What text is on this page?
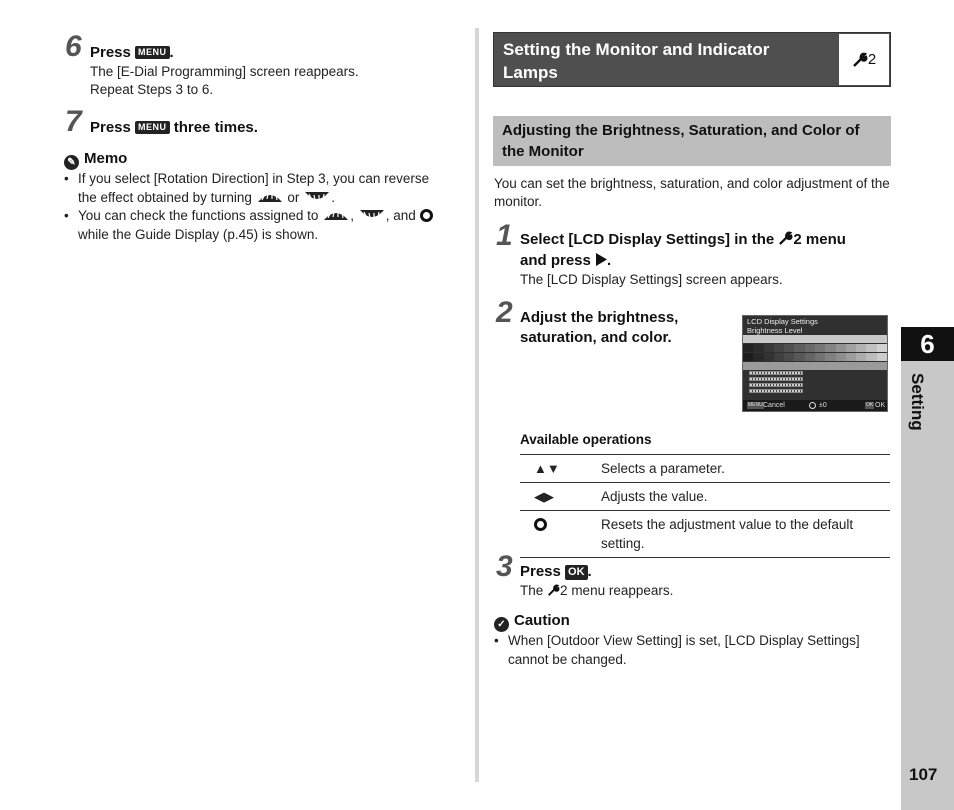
6 Press MENU .
The [E-Dial Programming] screen reappears.
Repeat Steps 3 to 6.
7 Press MENU three times.
✎ Memo
• If you select [Rotation Direction] in Step 3, you can reverse
the effect obtained by turning	or .
• You can check the functions assigned to , , and
while the Guide Display (p.45) is shown.
Setting the Monitor and Indicator Lamps
2
Adjusting the Brightness, Saturation, and Color of the Monitor
You can set the brightness, saturation, and color adjustment of the monitor.
1 Select [LCD Display Settings] in the 2 menu
and press .
The [LCD Display Settings] screen appears.
2 Adjust the brightness,
saturation, and color.
LCD Display Settings
Brightness Level
MENU Cancel	±0	OK OK
Available operations
▲▼	Selects a parameter.
◀▶	Adjusts the value.
	Resets the adjustment value to the default setting.
3 Press OK .
The 2 menu reappears.
✓ Caution
• When [Outdoor View Setting] is set, [LCD Display Settings] cannot be changed.
6
Setting
107
